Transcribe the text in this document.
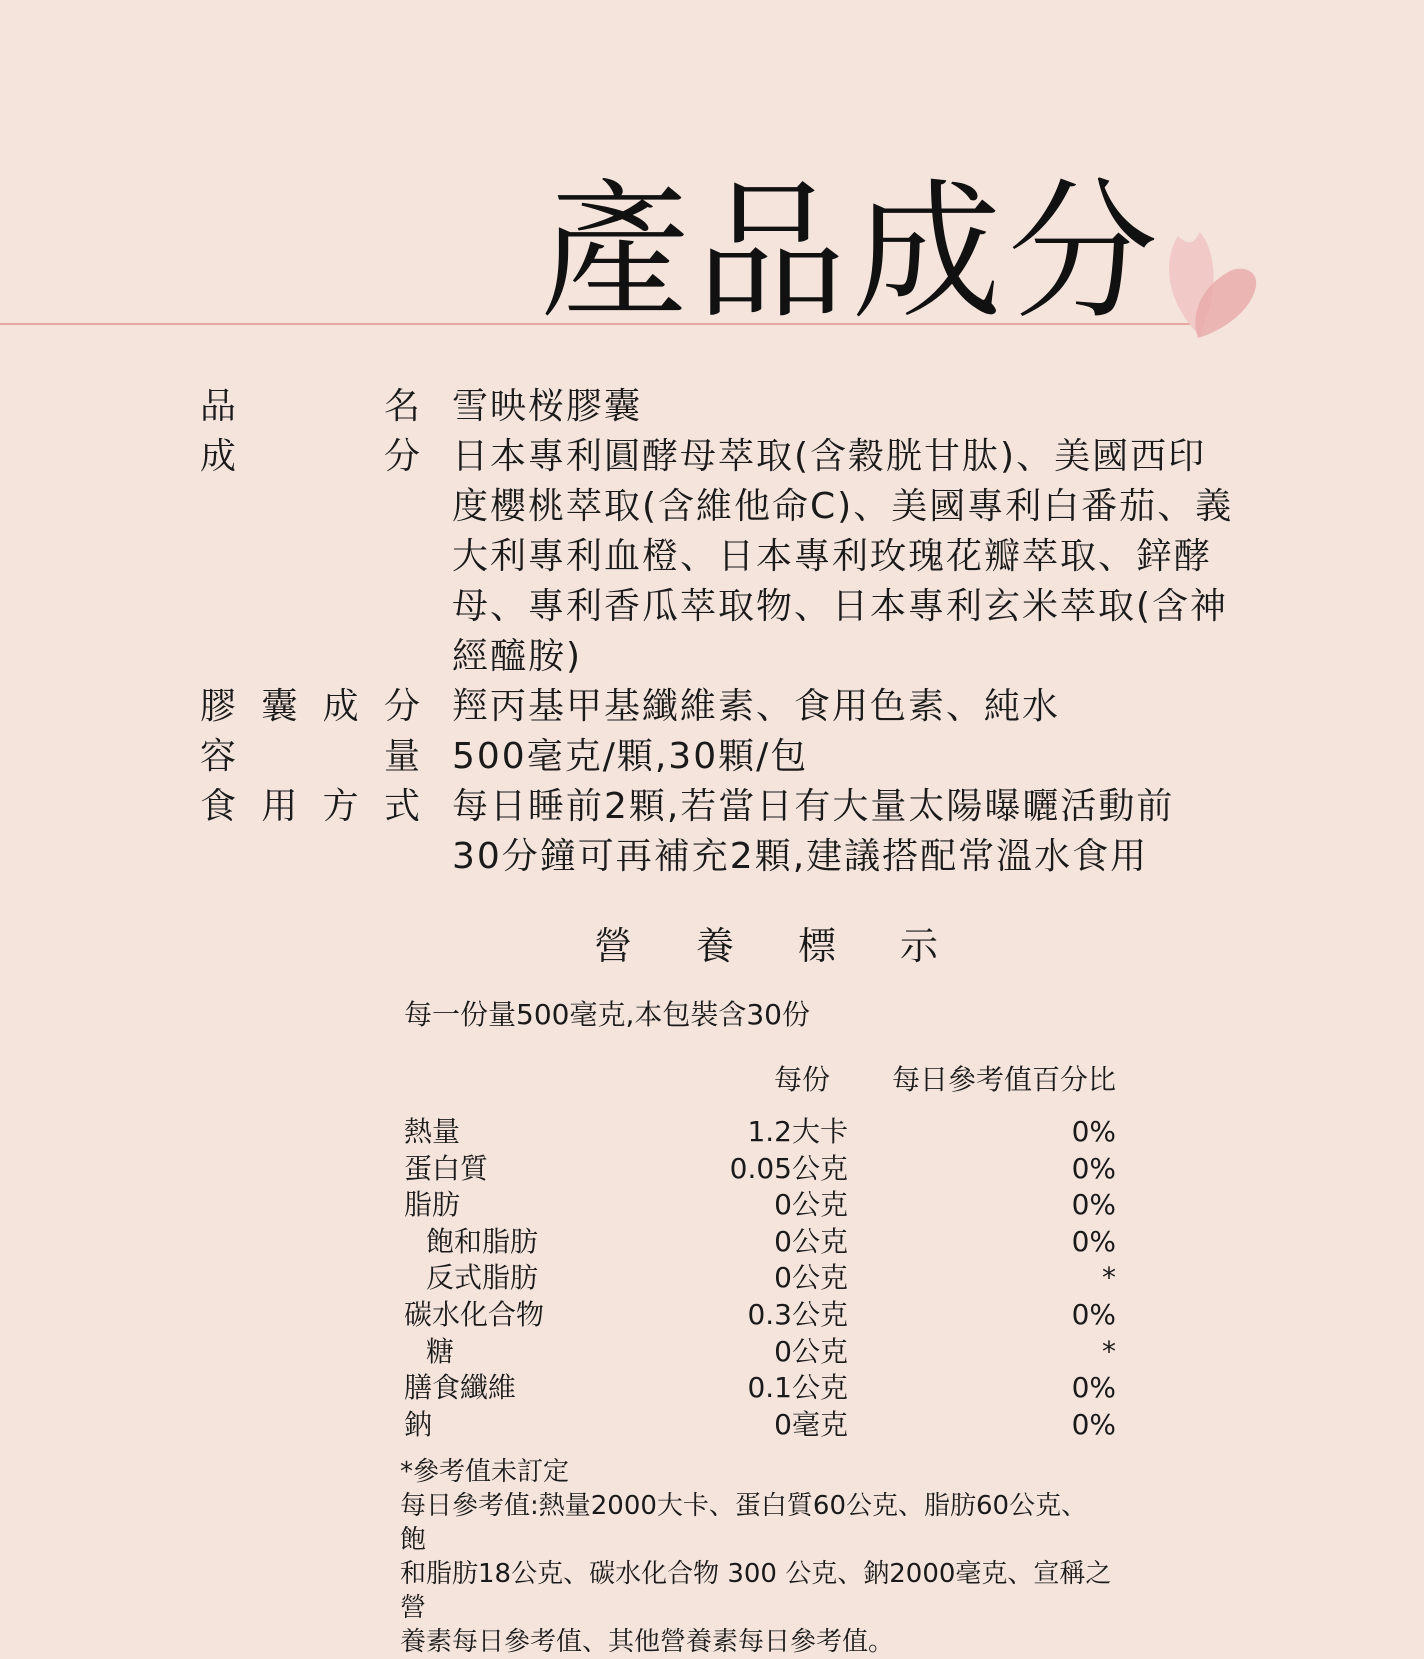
產品成分
品	名 雪映桜膠囊
成	分 日本專利圓酵母萃取(含穀胱甘肽)、美國西印
度櫻桃萃取(含維他命C)、美國專利白番茄、義
大利專利血橙、日本專利玫瑰花瓣萃取、鋅酵
母、專利香瓜萃取物、日本專利玄米萃取(含神
經醯胺)
膠 囊 成 分 羥丙基甲基纖維素、食用色素、純水
容	量 500毫克/顆,30顆/包
食 用 方 式 每日睡前2顆,若當日有大量太陽曝曬活動前
30分鐘可再補充2顆,建議搭配常溫水食用
營養標示
每一份量500毫克,本包裝含30份
每份 每日參考值百分比
熱量	1.2大卡	0%
蛋白質	0.05公克	0%
脂肪	0公克	0%
飽和脂肪	0公克	0%
反式脂肪	0公克	*
碳水化合物	0.3公克	0%
糖	0公克	*
膳食纖維	0.1公克	0%
鈉	0毫克	0%
*參考值未訂定
每日參考值:熱量2000大卡、蛋白質60公克、脂肪60公克、 飽
和脂肪18公克、碳水化合物 300 公克、鈉2000毫克、宣稱之營
養素每日參考值、其他營養素每日參考值。
